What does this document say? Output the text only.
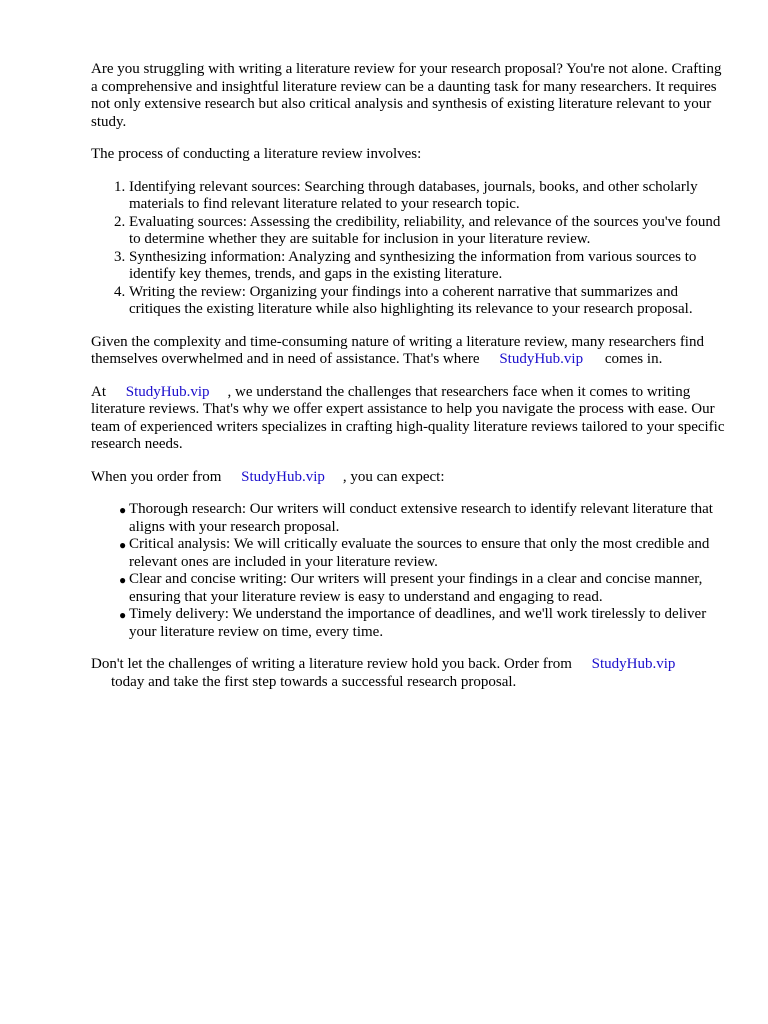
Are you struggling with writing a literature review for your research proposal? You're not alone. Crafting a comprehensive and insightful literature review can be a daunting task for many researchers. It requires not only extensive research but also critical analysis and synthesis of existing literature relevant to your study.

The process of conducting a literature review involves:

1. Identifying relevant sources: Searching through databases, journals, books, and other scholarly materials to find relevant literature related to your research topic.
2. Evaluating sources: Assessing the credibility, reliability, and relevance of the sources you've found to determine whether they are suitable for inclusion in your literature review.
3. Synthesizing information: Analyzing and synthesizing the information from various sources to identify key themes, trends, and gaps in the existing literature.
4. Writing the review: Organizing your findings into a coherent narrative that summarizes and critiques the existing literature while also highlighting its relevance to your research proposal.

Given the complexity and time-consuming nature of writing a literature review, many researchers find themselves overwhelmed and in need of assistance. That's where StudyHub.vip comes in.

At StudyHub.vip , we understand the challenges that researchers face when it comes to writing literature reviews. That's why we offer expert assistance to help you navigate the process with ease. Our team of experienced writers specializes in crafting high-quality literature reviews tailored to your specific research needs.

When you order from StudyHub.vip , you can expect:

● Thorough research: Our writers will conduct extensive research to identify relevant literature that aligns with your research proposal.
● Critical analysis: We will critically evaluate the sources to ensure that only the most credible and relevant ones are included in your literature review.
● Clear and concise writing: Our writers will present your findings in a clear and concise manner, ensuring that your literature review is easy to understand and engaging to read.
● Timely delivery: We understand the importance of deadlines, and we'll work tirelessly to deliver your literature review on time, every time.

Don't let the challenges of writing a literature review hold you back. Order from StudyHub.vip
today and take the first step towards a successful research proposal.
